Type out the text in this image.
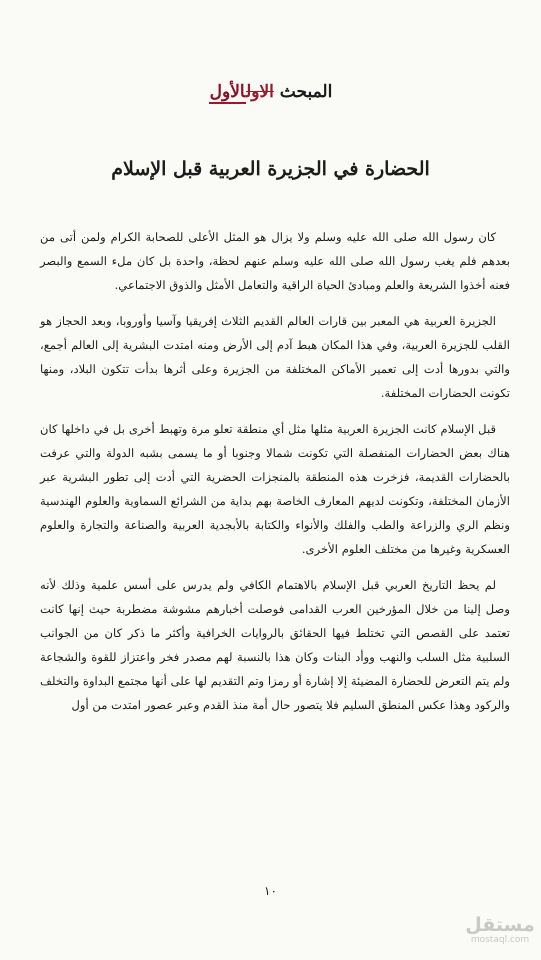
المبحث الاولالأول
الحضارة في الجزيرة العربية قبل الإسلام

كان رسول الله صلى الله عليه وسلم ولا يزال هو المثل الأعلى للصحابة الكرام ولمن أتى من بعدهم فلم يغب رسول الله صلى الله عليه وسلم عنهم لحظة، واحدة بل كان ملء السمع والبصر فعنه أخذوا الشريعة والعلم ومبادئ الحياة الراقية والتعامل الأمثل والذوق الاجتماعي.

الجزيرة العربية هي المعبر بين قارات العالم القديم الثلاث إفريقيا وآسيا وأوروبا، وبعد الحجاز هو القلب للجزيرة العربية، وفي هذا المكان هبط آدم إلى الأرض ومنه امتدت البشرية إلى العالم أجمع، والتي بدورها أدت إلى تعمير الأماكن المختلفة من الجزيرة وعلى أثرها بدأت تتكون البلاد، ومنها تكونت الحضارات المختلفة.

قبل الإسلام كانت الجزيرة العربية مثلها مثل أي منطقة تعلو مرة وتهبط أخرى بل في داخلها كان هناك بعض الحضارات المنفصلة التي تكونت شمالا وجنوبا أو ما يسمى بشبه الدولة والتي عرفت بالحضارات القديمة، فزخرت هذه المنطقة بالمنجزات الحضرية التي أدت إلى تطور البشرية عبر الأزمان المختلفة، وتكونت لديهم المعارف الخاصة بهم بداية من الشرائع السماوية والعلوم الهندسية ونظم الري والزراعة والطب والفلك والأنواء والكتابة بالأبجدية العربية والصناعة والتجارة والعلوم العسكرية وغيرها من مختلف العلوم الأخرى.

لم يحظ التاريخ العربي قبل الإسلام بالاهتمام الكافي ولم يدرس على أسس علمية وذلك لأنه وصل إلينا من خلال المؤرخين العرب القدامى فوصلت أخبارهم مشوشة مضطربة حيث إنها كانت تعتمد على القصص التي تختلط فيها الحقائق بالروايات الخرافية وأكثر ما ذكر كان من الجوانب السلبية مثل السلب والنهب ووأد البنات وكان هذا بالنسبة لهم مصدر فخر واعتزاز للقوة والشجاعة ولم يتم التعرض للحضارة المضيئة إلا إشارة أو رمزا وتم التقديم لها على أنها مجتمع البداوة والتخلف والركود وهذا عكس المنطق السليم فلا يتصور حال أمة منذ القدم وعبر عصور امتدت من أول

١٠
مستقل
mostaql.com
